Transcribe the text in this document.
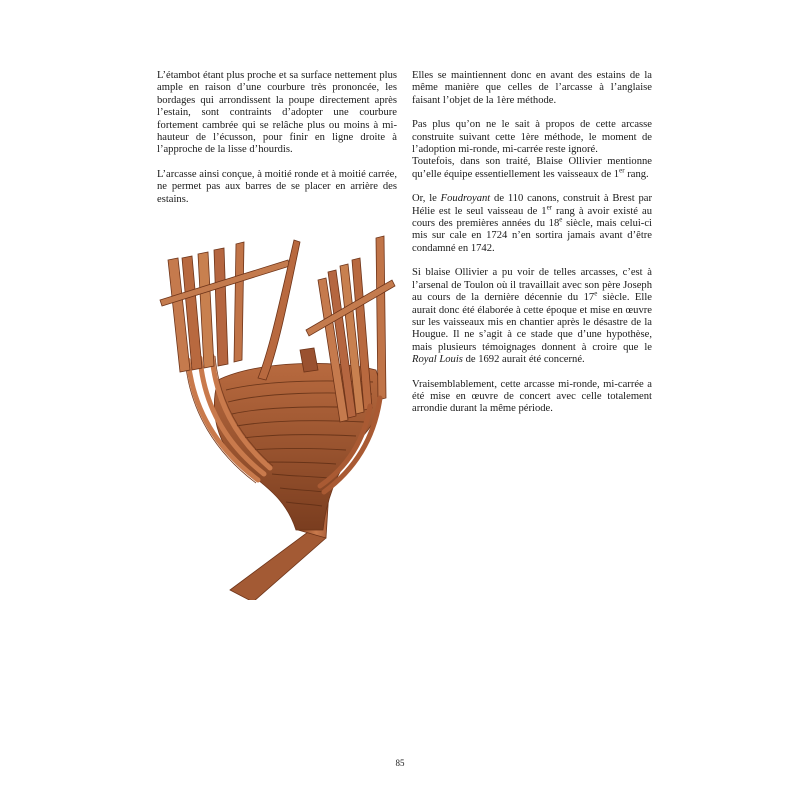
L’étambot étant plus proche et sa surface nettement plus ample en raison d’une courbure très prononcée, les bordages qui arrondissent la poupe directement après l’estain, sont contraints d’adopter une courbure fortement cambrée qui se relâche plus ou moins à mi-hauteur de l’écusson, pour finir en ligne droite à l’approche de la lisse d’hourdis.

L’arcasse ainsi conçue, à moitié ronde et à moitié carrée, ne permet pas aux barres de se placer en arrière des estains.

Elles se maintiennent donc en avant des estains de la même manière que celles de l’arcasse à l’anglaise faisant l’objet de la 1ère méthode.

Pas plus qu’on ne le sait à propos de cette arcasse construite suivant cette 1ère méthode, le moment de l’adoption mi-ronde, mi-carrée reste ignoré.

Toutefois, dans son traité, Blaise Ollivier mentionne qu’elle équipe essentiellement les vaisseaux de 1er rang.

Or, le Foudroyant de 110 canons, construit à Brest par Hélie est le seul vaisseau de 1er rang à avoir existé au cours des premières années du 18e siècle, mais celui-ci mis sur cale en 1724 n’en sortira jamais avant d’être condamné en 1742.

Si blaise Ollivier a pu voir de telles arcasses, c’est à l’arsenal de Toulon où il travaillait avec son père Joseph au cours de la dernière décennie du 17e siècle. Elle aurait donc été élaborée à cette époque et mise en œuvre sur les vaisseaux mis en chantier après le désastre de la Hougue. Il ne s’agit à ce stade que d’une hypothèse, mais plusieurs témoignages donnent à croire que le Royal Louis de 1692 aurait été concerné.

Vraisemblablement, cette arcasse mi-ronde, mi-carrée a été mise en œuvre de concert avec celle totalement arrondie durant la même période.

85
